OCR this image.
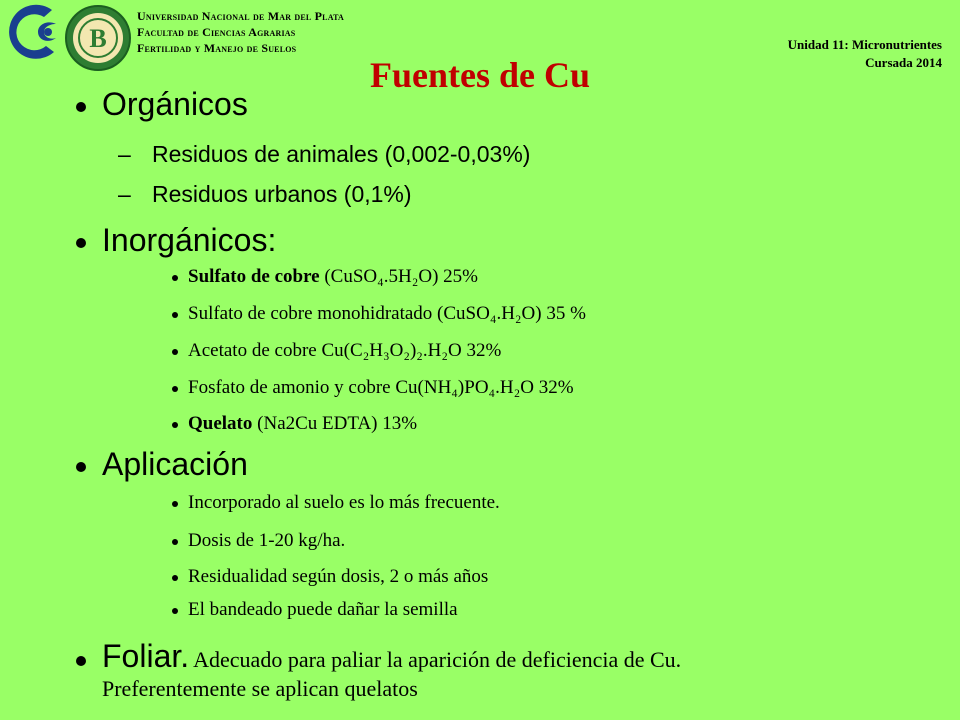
B
Universidad Nacional de Mar del Plata
Facultad de Ciencias Agrarias
Fertilidad y Manejo de Suelos	Unidad 11: Micronutrientes
Cursada 2014
Fuentes de Cu
Orgánicos
– Residuos de animales (0,002-0,03%)
– Residuos urbanos (0,1%)
Inorgánicos:
Sulfato de cobre (CuSO₄.5H₂O) 25%
Sulfato de cobre monohidratado (CuSO₄.H₂O) 35 %
Acetato de cobre Cu(C₂H₃O₂)₂.H₂O 32%
Fosfato de amonio y cobre Cu(NH₄)PO₄.H₂O 32%
Quelato (Na2Cu EDTA) 13%
Aplicación
Incorporado al suelo es lo más frecuente.
Dosis de 1-20 kg/ha.
Residualidad según dosis, 2 o más años
El bandeado puede dañar la semilla
Foliar. Adecuado para paliar la aparición de deficiencia de Cu.
Preferentemente se aplican quelatos
